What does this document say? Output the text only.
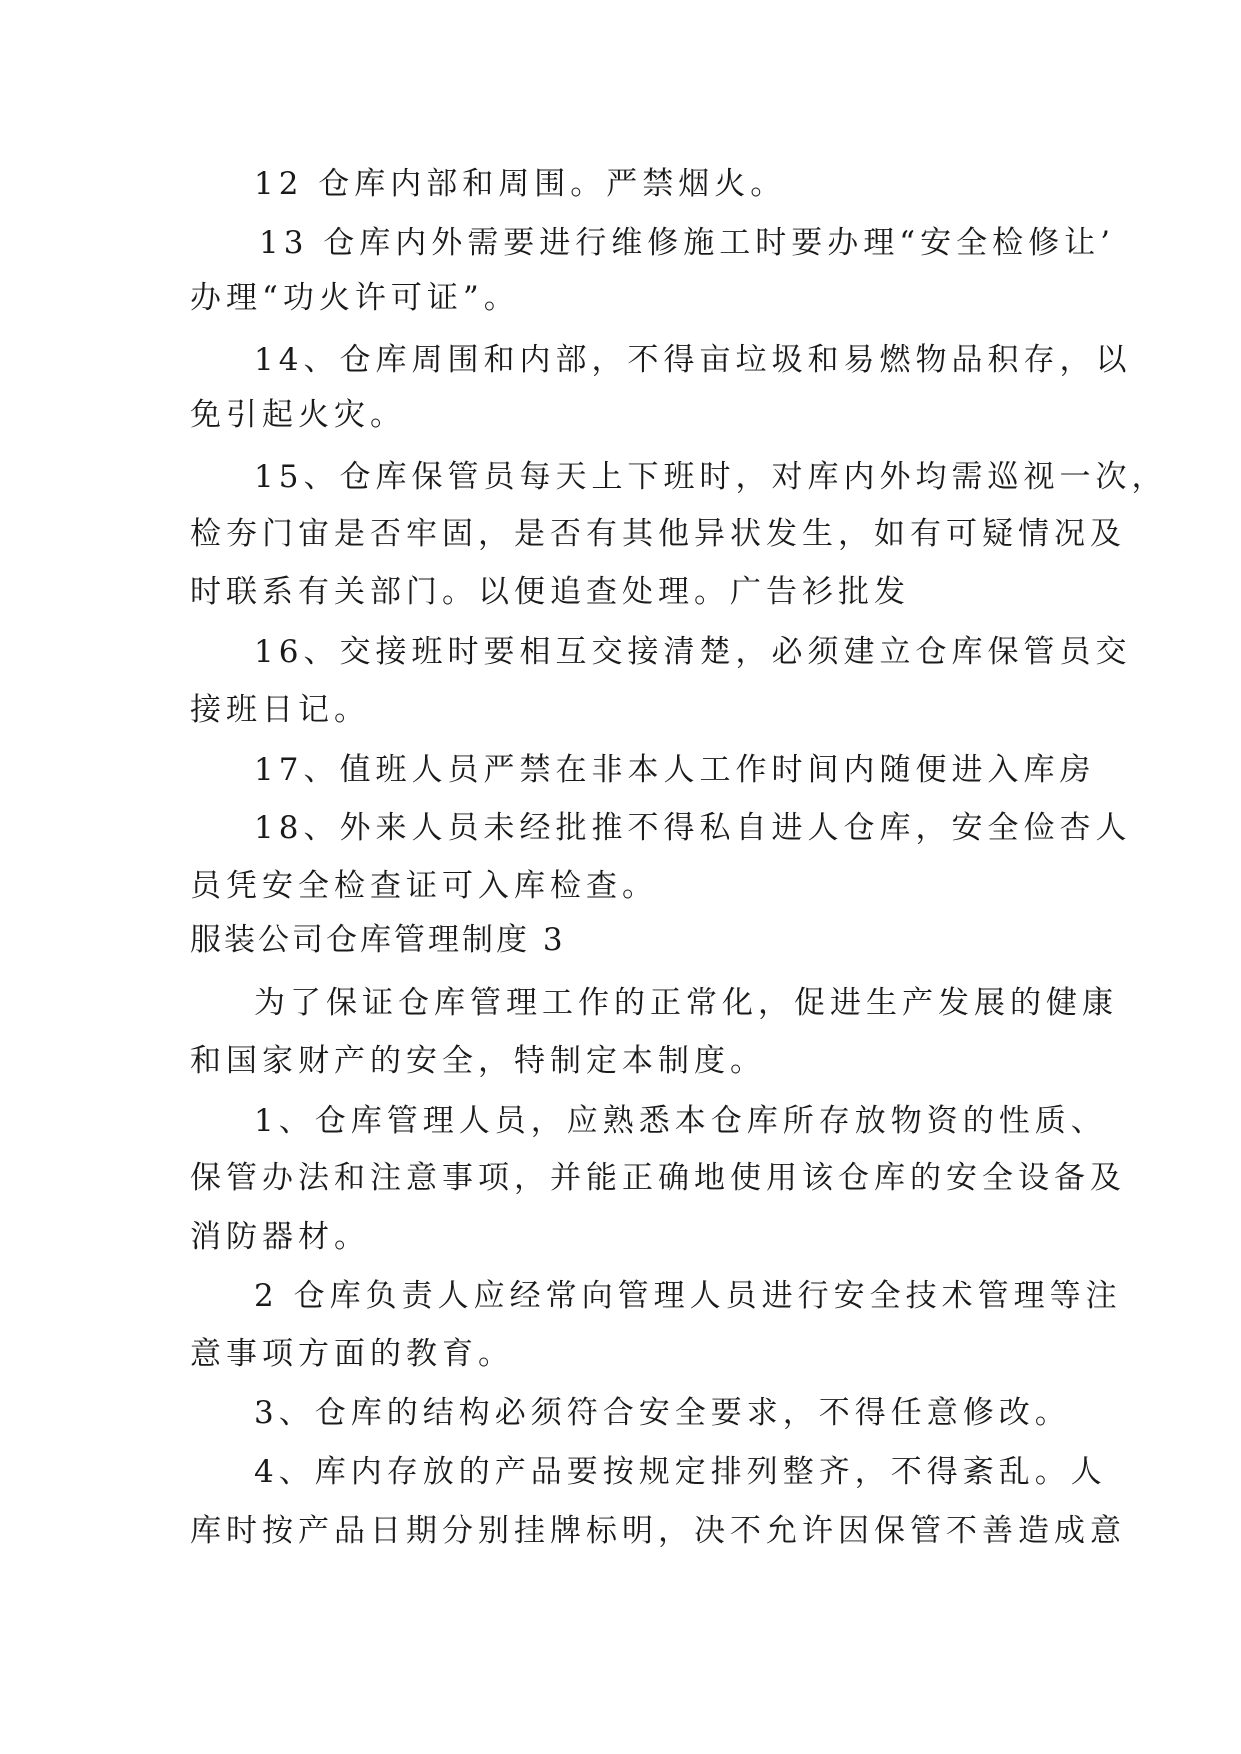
12 仓库内部和周围。严禁烟火。
13 仓库内外需要进行维修施工时要办理“安全检修让’
办理“功火许可证”。
14、仓库周围和内部，不得亩垃圾和易燃物品积存，以
免引起火灾。
15、仓库保管员每天上下班时，对库内外均需巡视一次，
检夯门宙是否牢固，是否有其他异状发生，如有可疑情况及
时联系有关部门。以便追查处理。广告衫批发
16、交接班时要相互交接清楚，必须建立仓库保管员交
接班日记。
17、值班人员严禁在非本人工作时间内随便进入库房
18、外来人员未经批推不得私自进人仓库，安全俭杏人
员凭安全检查证可入库检查。
服装公司仓库管理制度 3
为了保证仓库管理工作的正常化，促进生产发展的健康
和国家财产的安全，特制定本制度。
1、仓库管理人员，应熟悉本仓库所存放物资的性质、
保管办法和注意事项，并能正确地使用该仓库的安全设备及
消防器材。
2 仓库负责人应经常向管理人员进行安全技术管理等注
意事项方面的教育。
3、仓库的结构必须符合安全要求，不得任意修改。
4、库内存放的产品要按规定排列整齐，不得紊乱。人
库时按产品日期分别挂牌标明，决不允许因保管不善造成意
